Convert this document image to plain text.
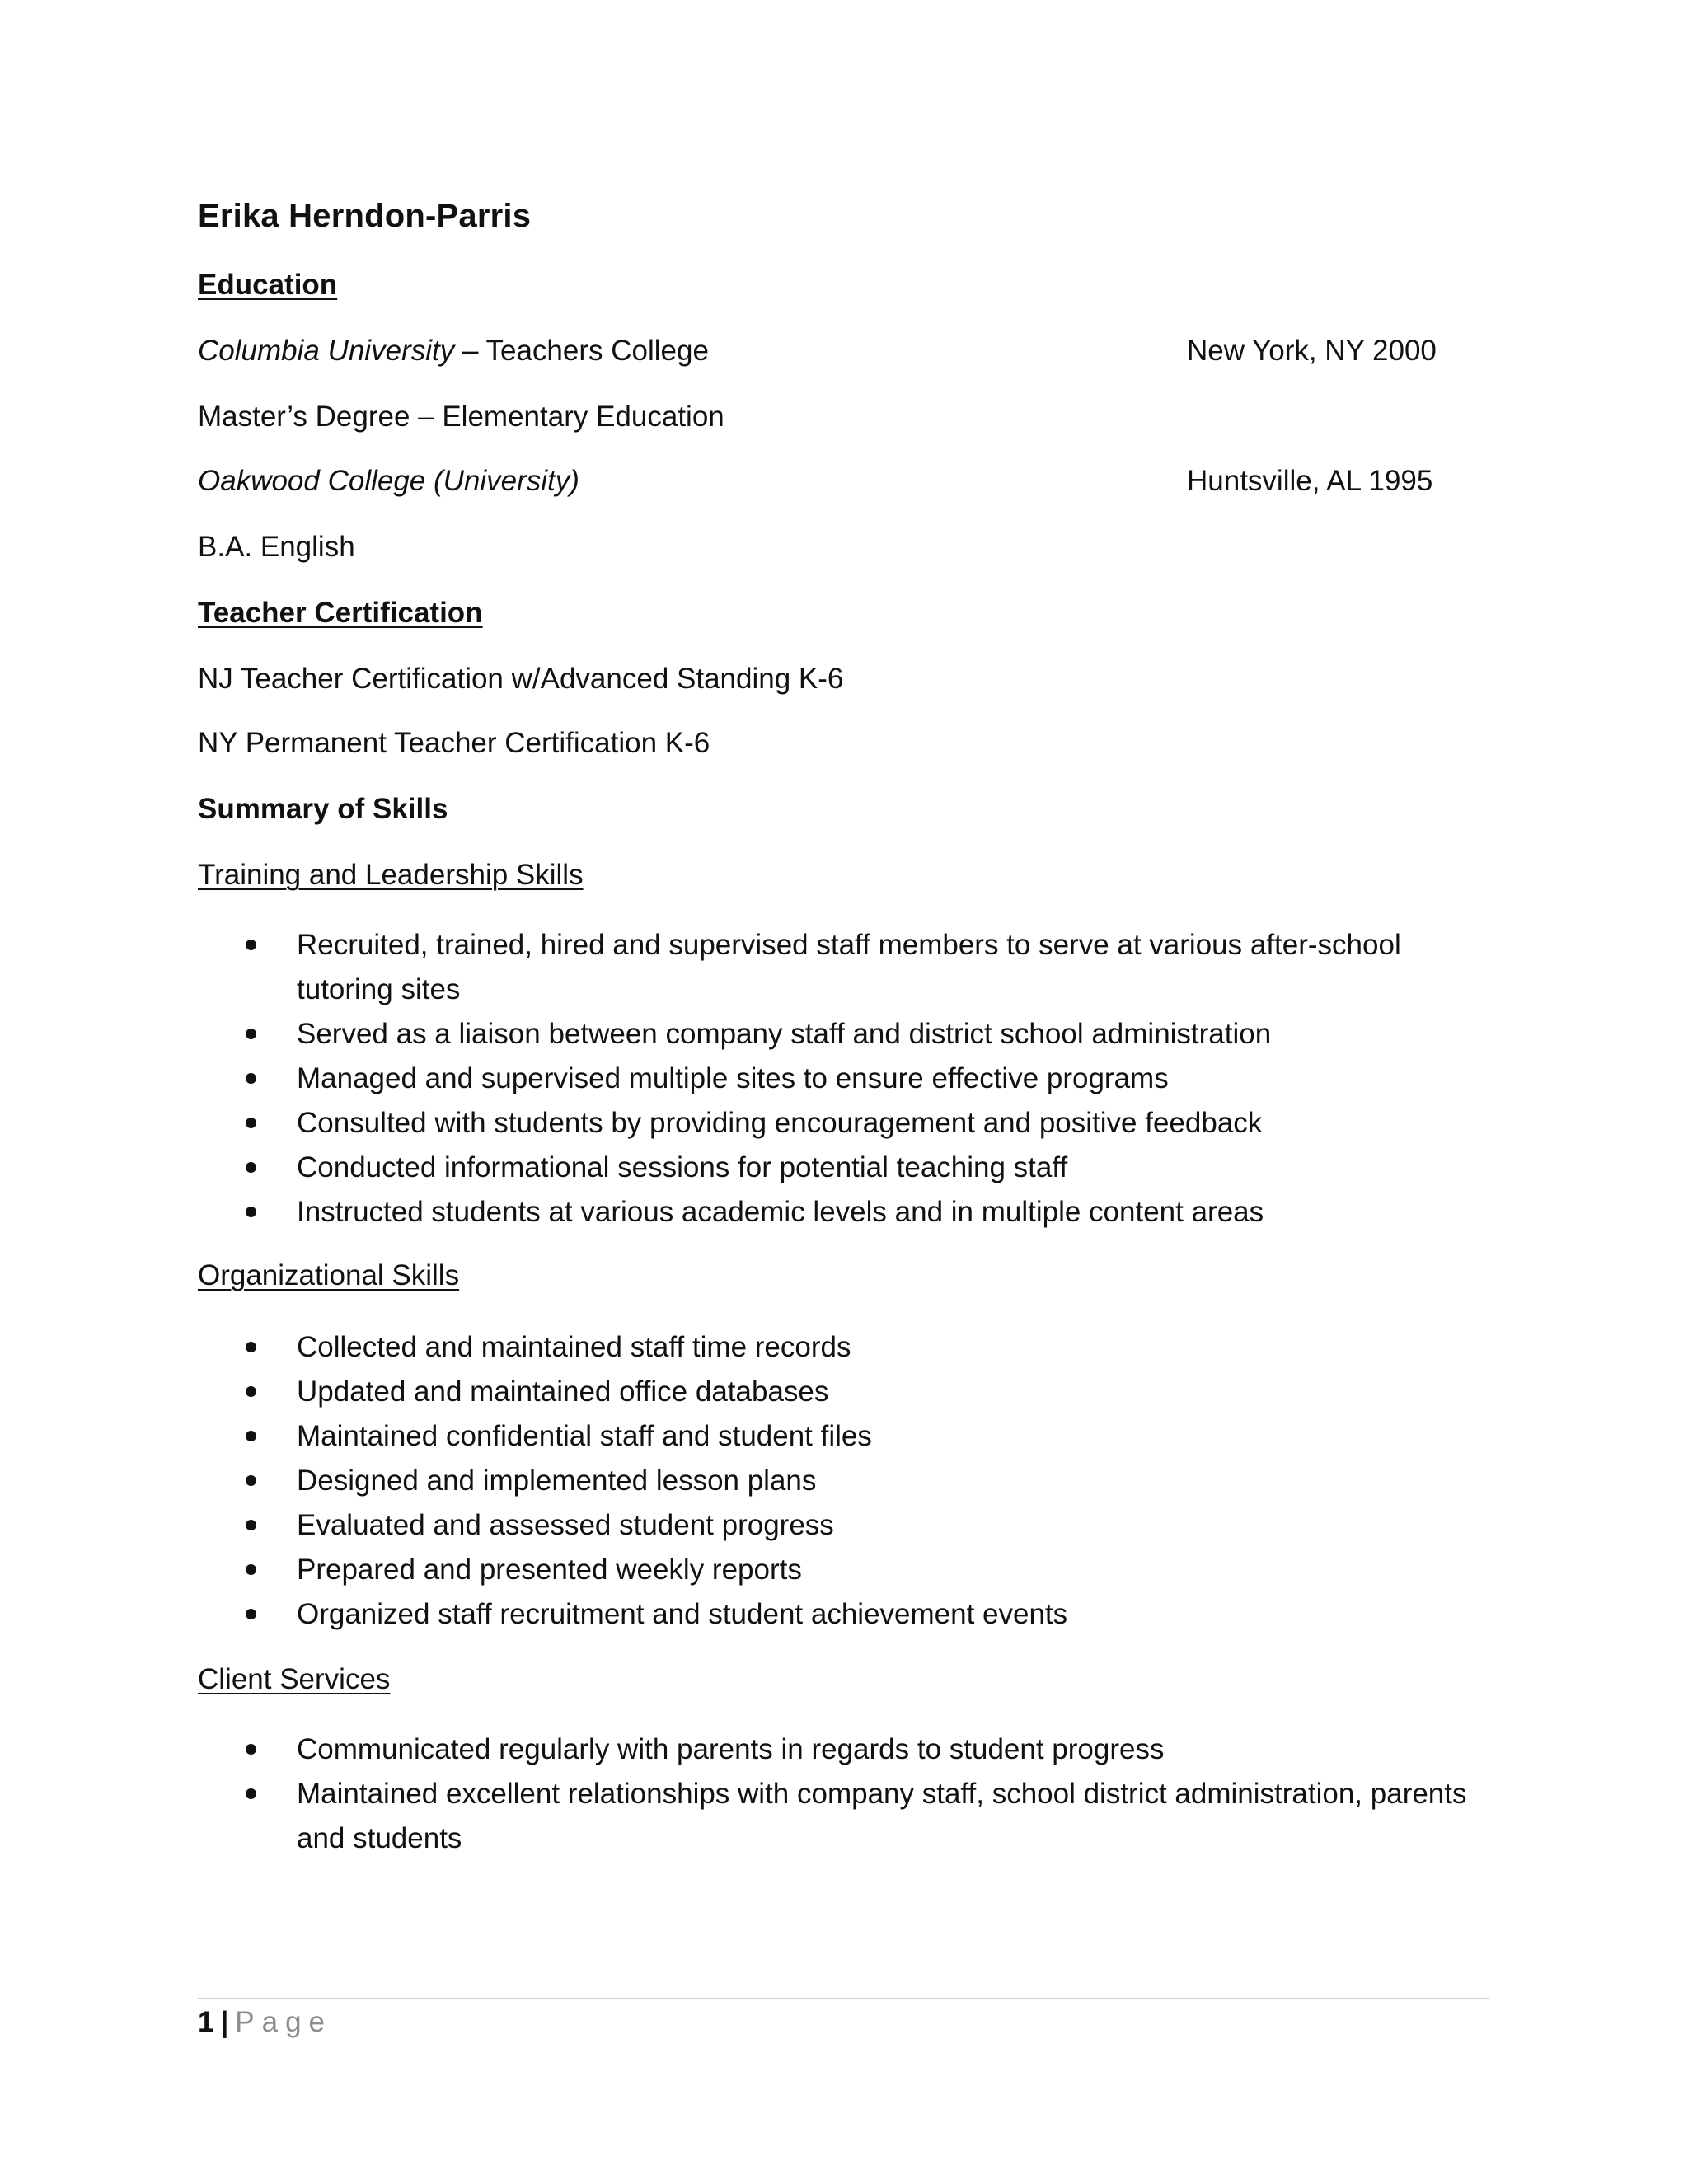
Erika Herndon-Parris
Education
Columbia University – Teachers College	New York, NY 2000
Master’s Degree – Elementary Education
Oakwood College (University)	Huntsville, AL 1995
B.A. English
Teacher Certification
NJ Teacher Certification w/Advanced Standing K-6
NY Permanent Teacher Certification K-6
Summary of Skills
Training and Leadership Skills
Recruited, trained, hired and supervised staff members to serve at various after-school tutoring sites
Served as a liaison between company staff and district school administration
Managed and supervised multiple sites to ensure effective programs
Consulted with students by providing encouragement and positive feedback
Conducted informational sessions for potential teaching staff
Instructed students at various academic levels and in multiple content areas
Organizational Skills
Collected and maintained staff time records
Updated and maintained office databases
Maintained confidential staff and student files
Designed and implemented lesson plans
Evaluated and assessed student progress
Prepared and presented weekly reports
Organized staff recruitment and student achievement events
Client Services
Communicated regularly with parents in regards to student progress
Maintained excellent relationships with company staff, school district administration, parents and students
1 | Page
